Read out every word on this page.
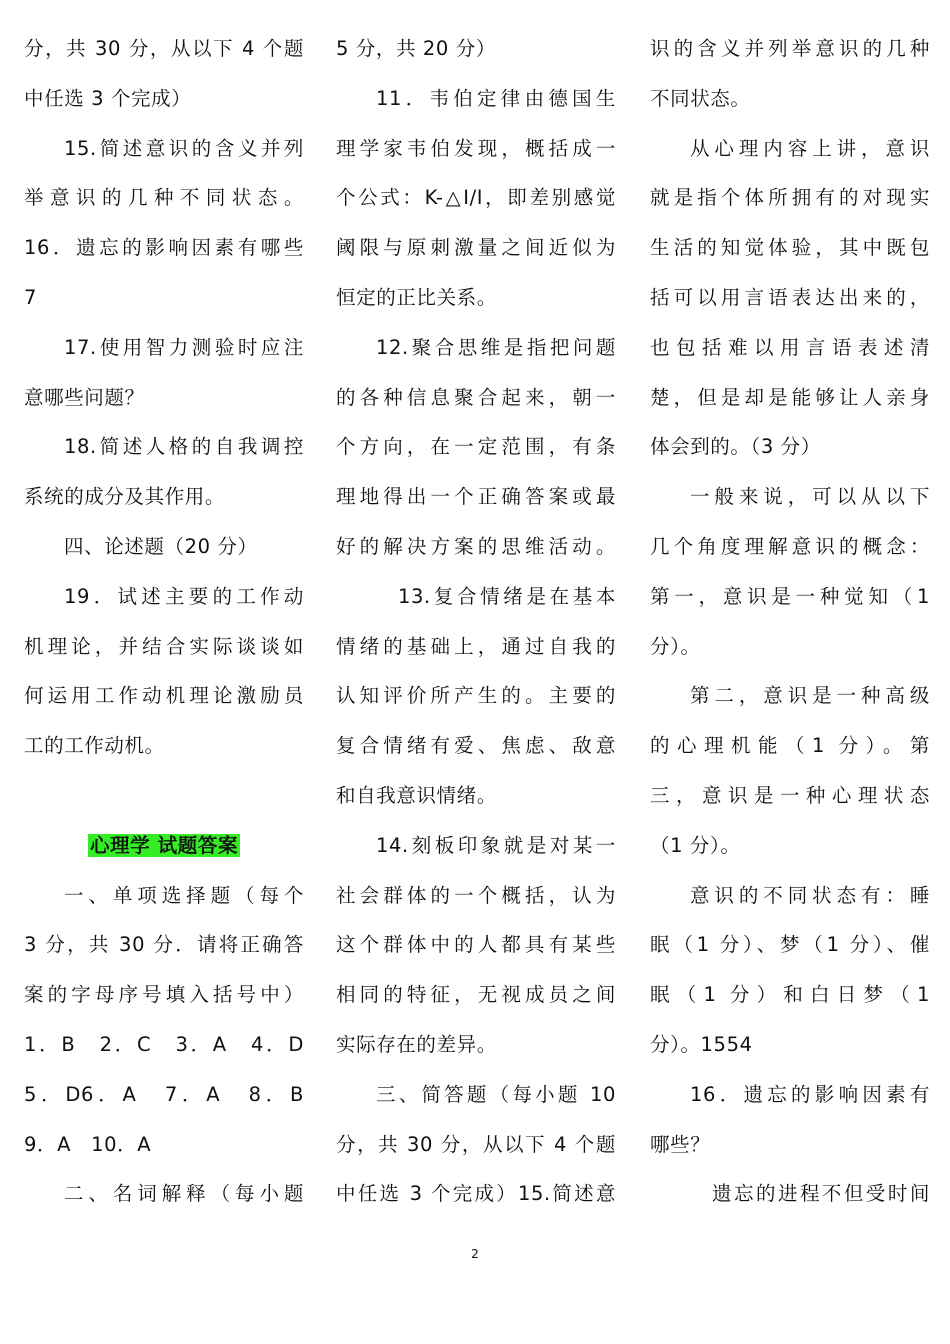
分，共 30 分，从以下 4 个题
中任选 3 个完成）
15.简述意识的含义并列
举意识的几种不同状态。
16．遗忘的影响因素有哪些
7
17.使用智力测验时应注
意哪些问题？
18.简述人格的自我调控
系统的成分及其作用。
四、论述题（20 分）
19．试述主要的工作动
机理论，并结合实际谈谈如
何运用工作动机理论激励员
工的工作动机。
心理学 试题答案
一、单项选择题（每个
3 分，共 30 分．请将正确答
案的字母序号填入括号中）
1．B　2．C　3．A　4．D
5．D6．A　7．A　8．B
9．A　10．A
二、名词解释（每小题
5 分，共 20 分）
11．韦伯定律由德国生
理学家韦伯发现，概括成一
个公式：K-△I/I，即差别感觉
阈限与原刺激量之间近似为
恒定的正比关系。
12.聚合思维是指把问题
的各种信息聚合起来，朝一
个方向，在一定范围，有条
理地得出一个正确答案或最
好的解决方案的思维活动。
13.复合情绪是在基本
情绪的基础上，通过自我的
认知评价所产生的。主要的
复合情绪有爱、焦虑、敌意
和自我意识情绪。
14.刻板印象就是对某一
社会群体的一个概括，认为
这个群体中的人都具有某些
相同的特征，无视成员之间
实际存在的差异。
三、简答题（每小题 10
分，共 30 分，从以下 4 个题
中任选 3 个完成）15.简述意
识的含义并列举意识的几种
不同状态。
从心理内容上讲，意识
就是指个体所拥有的对现实
生活的知觉体验，其中既包
括可以用言语表达出来的，
也包括难以用言语表述清
楚，但是却是能够让人亲身
体会到的。（3 分）
一般来说，可以从以下
几个角度理解意识的概念：
第一，意识是一种觉知（1
分）。
第二，意识是一种高级
的心理机能（1 分）。第
三，意识是一种心理状态
（1 分）。
意识的不同状态有：睡
眠（1 分）、梦（1 分）、催
眠（1 分）和白日梦（1
分）。1554
16．遗忘的影响因素有
哪些？
遗忘的进程不但受时间
2
